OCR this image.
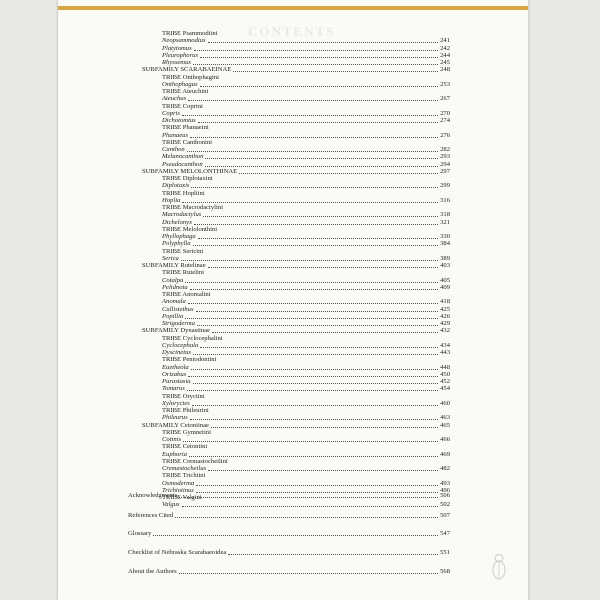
CONTENTS
TRIBE Psammodiini
Neopsammodius	241
Platytomus	242
Pleurophorus	244
Rhyssemus	245
SUBFAMILY SCARABAEINAE	248
TRIBE Onthophagini
Onthophagus	253
TRIBE Ateuchini
Ateuchus	267
TRIBE Coprini
Copris	270
Dichotomius	274
TRIBE Phanaeini
Phanaeus	276
TRIBE Canthonini
Canthon	282
Melanocanthon	293
Pseudocanthon	294
SUBFAMILY MELOLONTHINAE	297
TRIBE Diplotaxini
Diplotaxis	299
TRIBE Hopliini
Hoplia	316
TRIBE Macrodactylini
Macrodactylus	318
Dichelonyx	321
TRIBE Melolonthini
Phyllophaga	330
Polyphylla	384
TRIBE Sericini
Serica	389
SUBFAMILY Rutelinae	403
TRIBE Rutelini
Cotalpa	405
Pelidnota	409
TRIBE Anomalini
Anomala	418
Callistethus	425
Popillia	426
Strigoderma	429
SUBFAMILY Dynastinae	432
TRIBE Cyclocephalini
Cyclocephala	434
Dyscinetus	443
TRIBE Pentodontini
Euetheola	448
Orizabus	450
Parastasia	452
Tomarus	454
TRIBE Oryctini
Xyloryctes	460
TRIBE Phileurini
Phileurus	463
SUBFAMILY Cetoniinae	465
TRIBE Gymnetini
Cotinis	466
TRIBE Cetoniini
Euphoria	469
TRIBE Cremastocheilini
Cremastocheilus	482
TRIBE Trichiini
Osmoderma	493
Trichiotinus	496
TRIBE Valgini
Valgus	502
Acknowledgments	506
References Cited	507
Glossary	547
Checklist of Nebraska Scarabaeoidea	551
About the Authors	568
